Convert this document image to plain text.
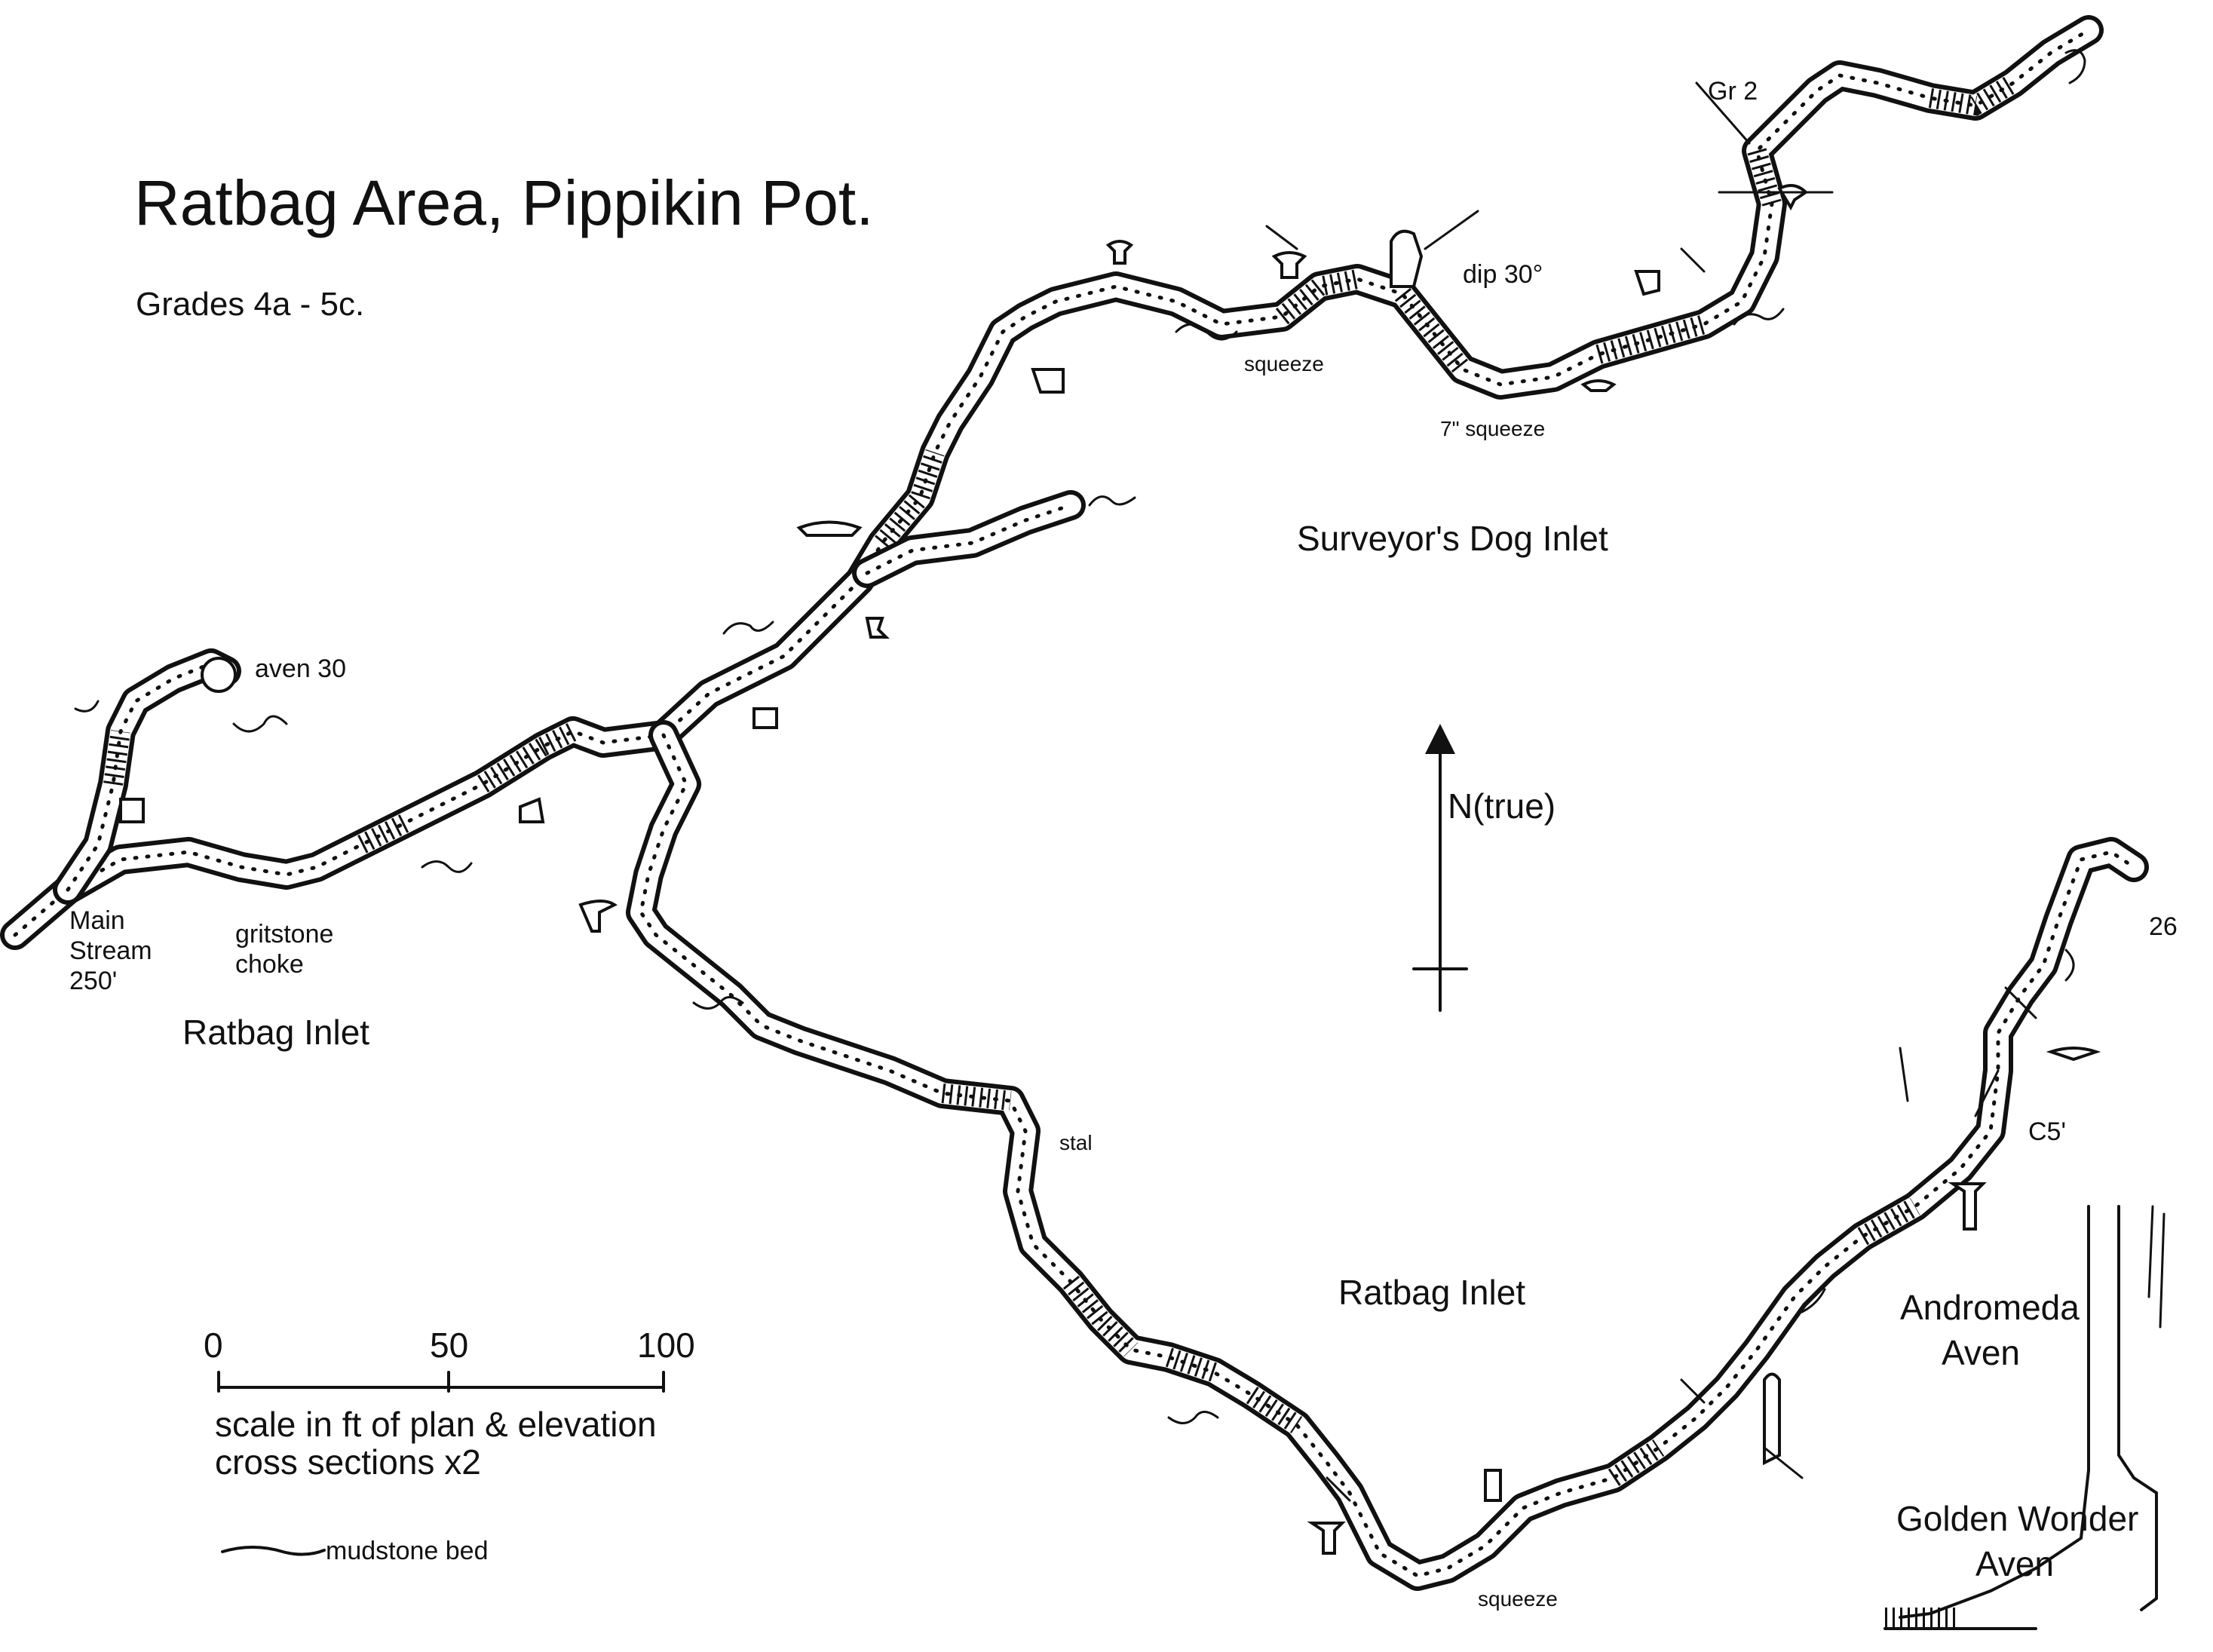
Ratbag Area, Pippikin Pot.
Grades 4a - 5c.
N(true)
0	50	100
scale in ft of plan & elevation
cross sections x2
mudstone bed
Surveyor's Dog Inlet
Ratbag Inlet
Ratbag Inlet
Main
Stream
250'
gritstone
choke
aven 30
Gr 2
dip 30°
squeeze
7" squeeze
squeeze
stal	C5'
26
Andromeda
Aven
Golden Wonder
Aven
